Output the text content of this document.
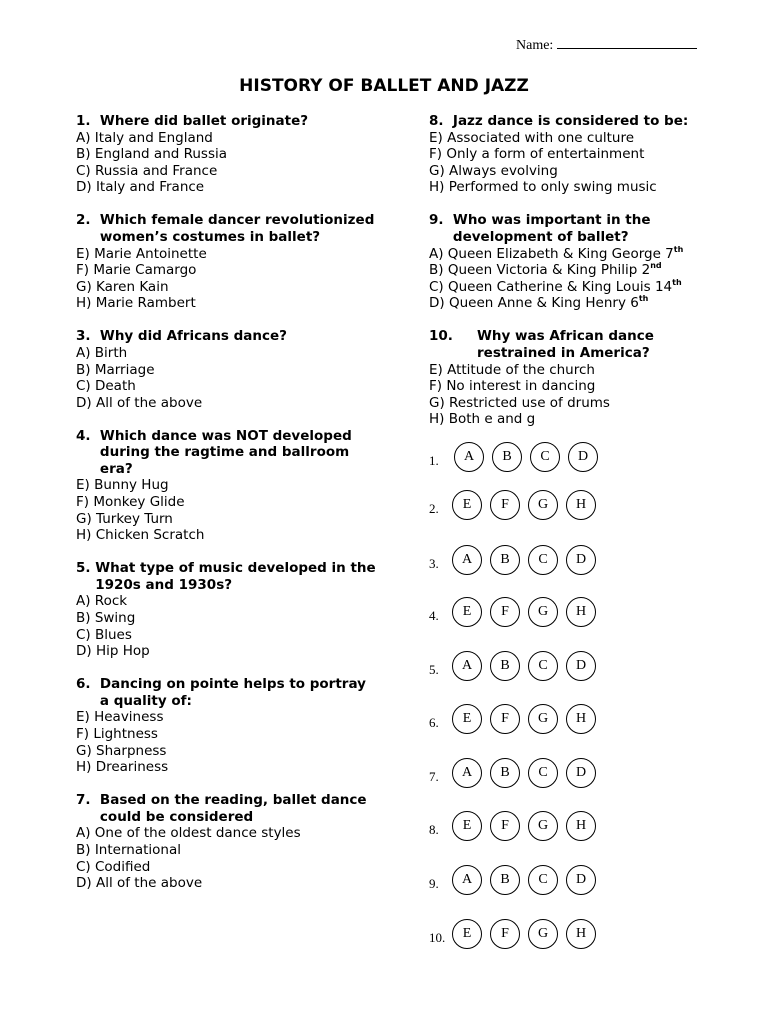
Name:
HISTORY OF BALLET AND JAZZ
1. Where did ballet originate?
A) Italy and England
B) England and Russia
C) Russia and France
D) Italy and France
2. Which female dancer revolutionized women’s costumes in ballet?
E) Marie Antoinette
F) Marie Camargo
G) Karen Kain
H) Marie Rambert
3. Why did Africans dance?
A) Birth
B) Marriage
C) Death
D) All of the above
4. Which dance was NOT developed during the ragtime and ballroom era?
E) Bunny Hug
F) Monkey Glide
G) Turkey Turn
H) Chicken Scratch
5. What type of music developed in the 1920s and 1930s?
A) Rock
B) Swing
C) Blues
D) Hip Hop
6. Dancing on pointe helps to portray a quality of:
E) Heaviness
F) Lightness
G) Sharpness
H) Dreariness
7. Based on the reading, ballet dance could be considered
A) One of the oldest dance styles
B) International
C) Codified
D) All of the above
8. Jazz dance is considered to be:
E) Associated with one culture
F) Only a form of entertainment
G) Always evolving
H) Performed to only swing music
9. Who was important in the development of ballet?
A) Queen Elizabeth & King George 7th
B) Queen Victoria & King Philip 2nd
C) Queen Catherine & King Louis 14th
D) Queen Anne & King Henry 6th
10.	Why was African dance restrained in America?
E) Attitude of the church
F) No interest in dancing
G) Restricted use of drums
H) Both e and g
1.	A	B	C	D
2.	E	F	G	H
3.	A	B	C	D
4.	E	F	G	H
5.	A	B	C	D
6.	E	F	G	H
7.	A	B	C	D
8.	E	F	G	H
9.	A	B	C	D
10.	E	F	G	H
